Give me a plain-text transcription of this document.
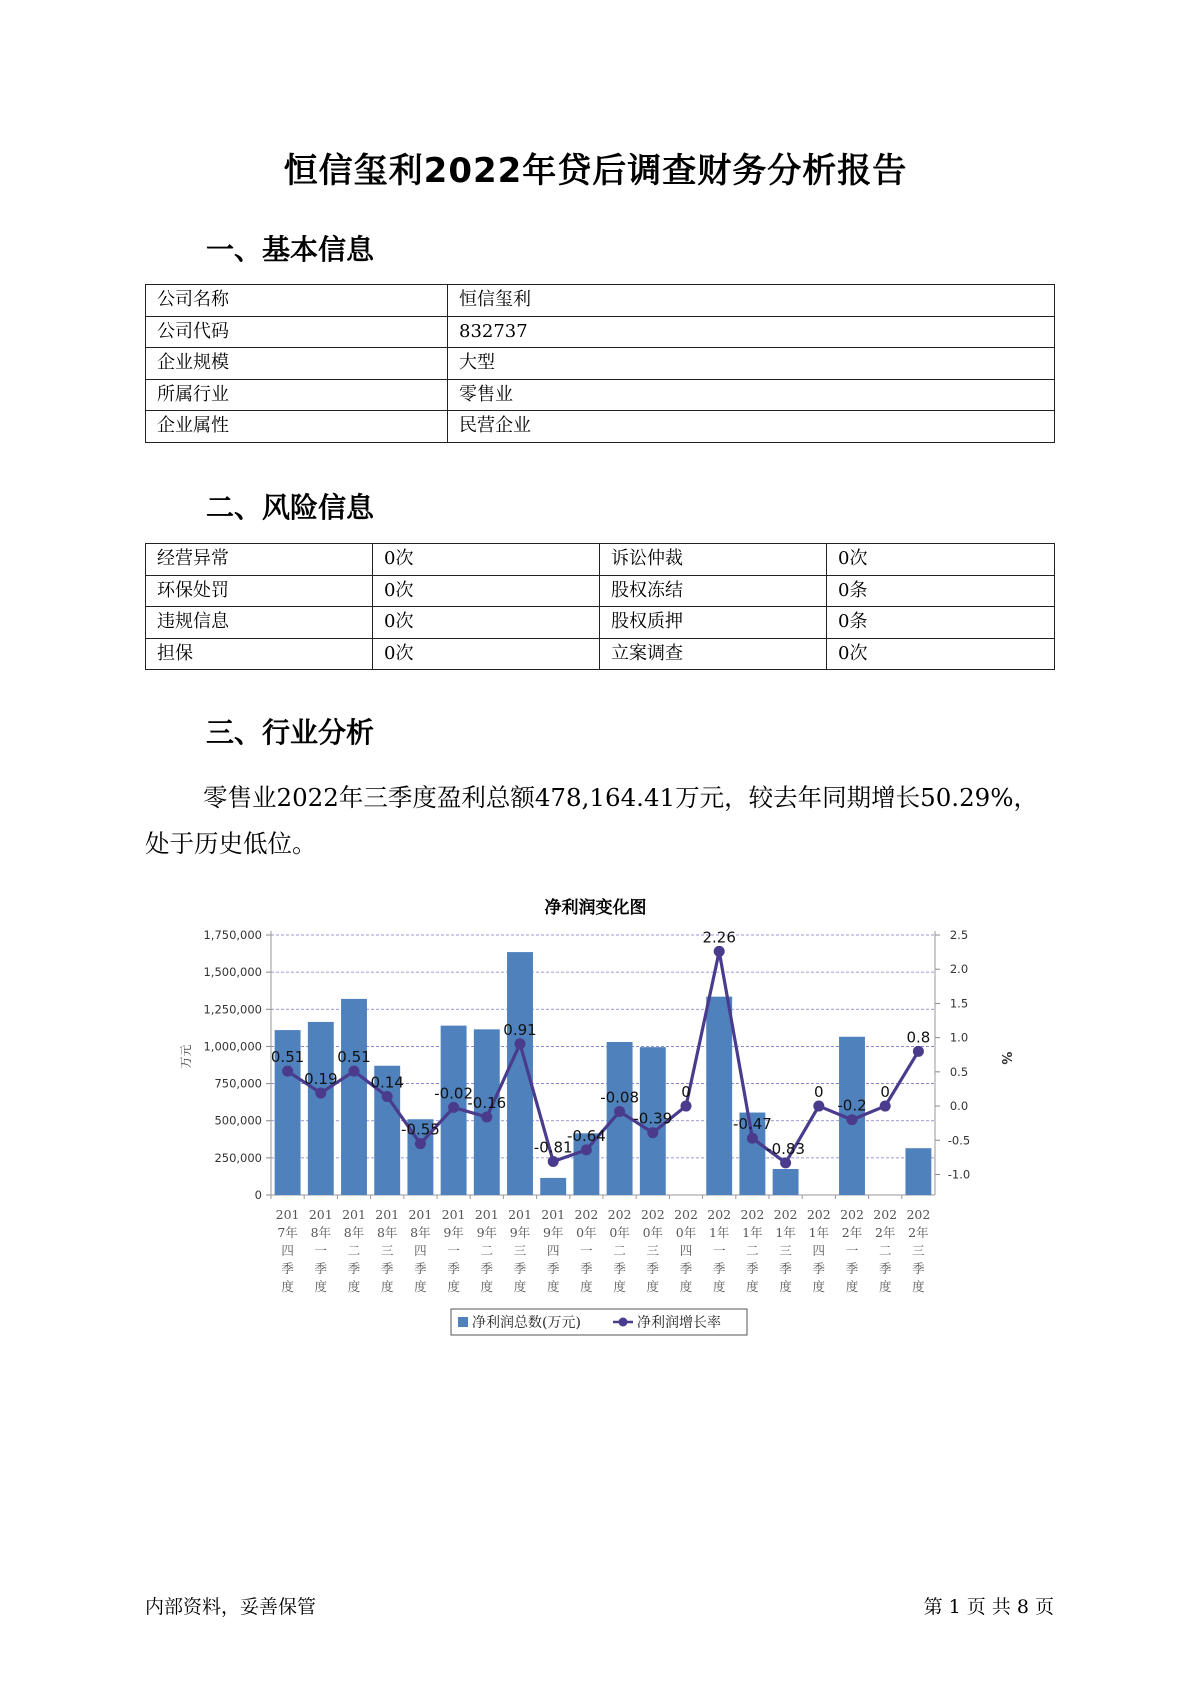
恒信玺利2022年贷后调查财务分析报告
一、基本信息
公司名称	恒信玺利
公司代码	832737
企业规模	大型
所属行业	零售业
企业属性	民营企业
二、风险信息
经营异常	0次	诉讼仲裁	0次
环保处罚	0次	股权冻结	0条
违规信息	0次	股权质押	0条
担保	0次	立案调查	0次
三、行业分析
零售业2022年三季度盈利总额478,164.41万元，较去年同期增长50.29%，处于历史低位。
净利润变化图
0
250,000
500,000
750,000
1,000,000
1,250,000
1,500,000
1,750,000
-1.0
-0.5
0.0
0.5
1.0
1.5
2.0
2.5
万元	%
201 7年四季度
201 8年一季度
201 8年二季度
201 8年三季度
201 8年四季度
201 9年一季度
201 9年二季度
201 9年三季度
201 9年四季度
202 0年一季度
202 0年二季度
202 0年三季度
202 0年四季度
202 1年一季度
202 1年二季度
202 1年三季度
202 1年四季度
202 2年一季度
202 2年二季度
202 2年三季度
0.51
0.19
0.51
0.14
-0.55
-0.02
-0.16
0.91
-0.81
-0.64
-0.08
-0.39
0
2.26
-0.47
-0.83
0
-0.2
0
0.8
净利润总数(万元)	净利润增长率
内部资料，妥善保管	第 1 页 共 8 页
